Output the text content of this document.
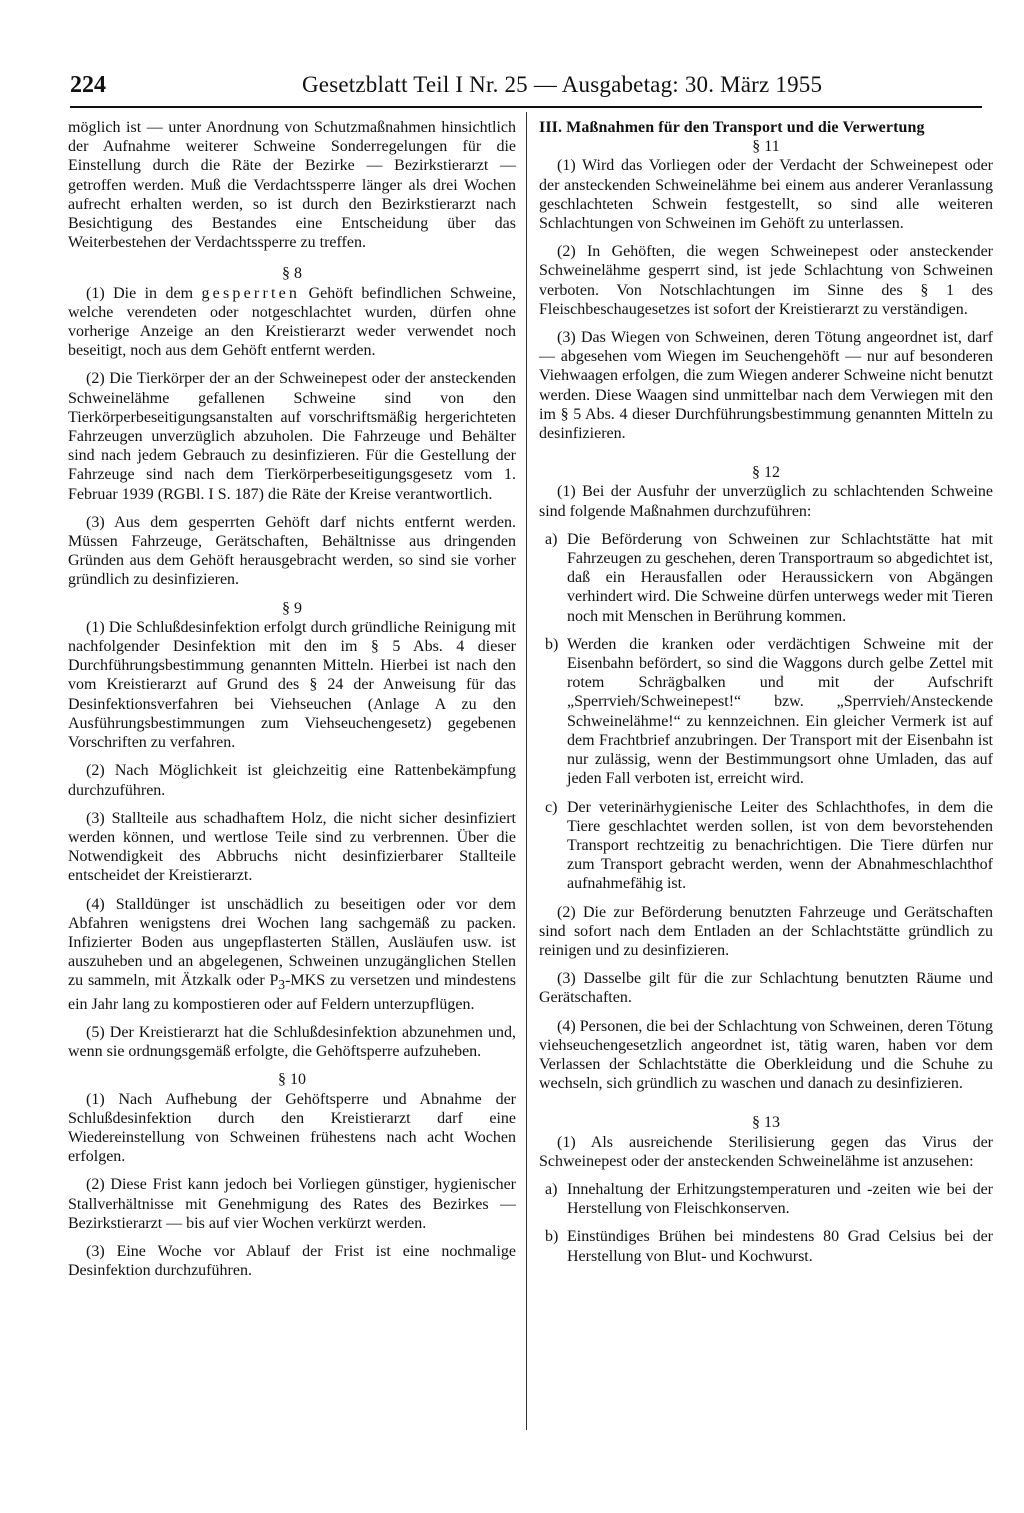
224	Gesetzblatt Teil I Nr. 25 — Ausgabetag: 30. März 1955

möglich ist — unter Anordnung von Schutzmaßnahmen hinsichtlich der Aufnahme weiterer Schweine Sonderregelungen für die Einstellung durch die Räte der Bezirke — Bezirkstierarzt — getroffen werden. Muß die Verdachtssperre länger als drei Wochen aufrecht erhalten werden, so ist durch den Bezirkstierarzt nach Besichtigung des Bestandes eine Entscheidung über das Weiterbestehen der Verdachtssperre zu treffen.

§ 8

(1) Die in dem gesperrten Gehöft befindlichen Schweine, welche verendeten oder notgeschlachtet wurden, dürfen ohne vorherige Anzeige an den Kreistierarzt weder verwendet noch beseitigt, noch aus dem Gehöft entfernt werden.

(2) Die Tierkörper der an der Schweinepest oder der ansteckenden Schweinelähme gefallenen Schweine sind von den Tierkörperbeseitigungsanstalten auf vorschriftsmäßig hergerichteten Fahrzeugen unverzüglich abzuholen. Die Fahrzeuge und Behälter sind nach jedem Gebrauch zu desinfizieren. Für die Gestellung der Fahrzeuge sind nach dem Tierkörperbeseitigungsgesetz vom 1. Februar 1939 (RGBl. I S. 187) die Räte der Kreise verantwortlich.

(3) Aus dem gesperrten Gehöft darf nichts entfernt werden. Müssen Fahrzeuge, Gerätschaften, Behältnisse aus dringenden Gründen aus dem Gehöft herausgebracht werden, so sind sie vorher gründlich zu desinfizieren.

§ 9

(1) Die Schlußdesinfektion erfolgt durch gründliche Reinigung mit nachfolgender Desinfektion mit den im § 5 Abs. 4 dieser Durchführungsbestimmung genannten Mitteln. Hierbei ist nach den vom Kreistierarzt auf Grund des § 24 der Anweisung für das Desinfektionsverfahren bei Viehseuchen (Anlage A zu den Ausführungsbestimmungen zum Viehseuchengesetz) gegebenen Vorschriften zu verfahren.

(2) Nach Möglichkeit ist gleichzeitig eine Rattenbekämpfung durchzuführen.

(3) Stallteile aus schadhaftem Holz, die nicht sicher desinfiziert werden können, und wertlose Teile sind zu verbrennen. Über die Notwendigkeit des Abbruchs nicht desinfizierbarer Stallteile entscheidet der Kreistierarzt.

(4) Stalldünger ist unschädlich zu beseitigen oder vor dem Abfahren wenigstens drei Wochen lang sachgemäß zu packen. Infizierter Boden aus ungepflasterten Ställen, Ausläufen usw. ist auszuheben und an abgelegenen, Schweinen unzugänglichen Stellen zu sammeln, mit Ätzkalk oder $P_3$-MKS zu versetzen und mindestens ein Jahr lang zu kompostieren oder auf Feldern unterzupflügen.

(5) Der Kreistierarzt hat die Schlußdesinfektion abzunehmen und, wenn sie ordnungsgemäß erfolgte, die Gehöftsperre aufzuheben.

§ 10

(1) Nach Aufhebung der Gehöftsperre und Abnahme der Schlußdesinfektion durch den Kreistierarzt darf eine Wiedereinstellung von Schweinen frühestens nach acht Wochen erfolgen.

(2) Diese Frist kann jedoch bei Vorliegen günstiger, hygienischer Stallverhältnisse mit Genehmigung des Rates des Bezirkes — Bezirkstierarzt — bis auf vier Wochen verkürzt werden.

(3) Eine Woche vor Ablauf der Frist ist eine nochmalige Desinfektion durchzuführen.

III. Maßnahmen für den Transport und die Verwertung
§ 11

(1) Wird das Vorliegen oder der Verdacht der Schweinepest oder der ansteckenden Schweinelähme bei einem aus anderer Veranlassung geschlachteten Schwein festgestellt, so sind alle weiteren Schlachtungen von Schweinen im Gehöft zu unterlassen.

(2) In Gehöften, die wegen Schweinepest oder ansteckender Schweinelähme gesperrt sind, ist jede Schlachtung von Schweinen verboten. Von Notschlachtungen im Sinne des § 1 des Fleischbeschaugesetzes ist sofort der Kreistierarzt zu verständigen.

(3) Das Wiegen von Schweinen, deren Tötung angeordnet ist, darf — abgesehen vom Wiegen im Seuchengehöft — nur auf besonderen Viehwaagen erfolgen, die zum Wiegen anderer Schweine nicht benutzt werden. Diese Waagen sind unmittelbar nach dem Verwiegen mit den im § 5 Abs. 4 dieser Durchführungsbestimmung genannten Mitteln zu desinfizieren.

§ 12

(1) Bei der Ausfuhr der unverzüglich zu schlachtenden Schweine sind folgende Maßnahmen durchzuführen:

a) Die Beförderung von Schweinen zur Schlachtstätte hat mit Fahrzeugen zu geschehen, deren Transportraum so abgedichtet ist, daß ein Herausfallen oder Heraussickern von Abgängen verhindert wird. Die Schweine dürfen unterwegs weder mit Tieren noch mit Menschen in Berührung kommen.
b) Werden die kranken oder verdächtigen Schweine mit der Eisenbahn befördert, so sind die Waggons durch gelbe Zettel mit rotem Schrägbalken und mit der Aufschrift „Sperrvieh/Schweinepest!“ bzw. „Sperrvieh/Ansteckende Schweinelähme!“ zu kennzeichnen. Ein gleicher Vermerk ist auf dem Frachtbrief anzubringen. Der Transport mit der Eisenbahn ist nur zulässig, wenn der Bestimmungsort ohne Umladen, das auf jeden Fall verboten ist, erreicht wird.
c) Der veterinärhygienische Leiter des Schlachthofes, in dem die Tiere geschlachtet werden sollen, ist von dem bevorstehenden Transport rechtzeitig zu benachrichtigen. Die Tiere dürfen nur zum Transport gebracht werden, wenn der Abnahmeschlachthof aufnahmefähig ist.

(2) Die zur Beförderung benutzten Fahrzeuge und Gerätschaften sind sofort nach dem Entladen an der Schlachtstätte gründlich zu reinigen und zu desinfizieren.

(3) Dasselbe gilt für die zur Schlachtung benutzten Räume und Gerätschaften.

(4) Personen, die bei der Schlachtung von Schweinen, deren Tötung viehseuchengesetzlich angeordnet ist, tätig waren, haben vor dem Verlassen der Schlachtstätte die Oberkleidung und die Schuhe zu wechseln, sich gründlich zu waschen und danach zu desinfizieren.

§ 13

(1) Als ausreichende Sterilisierung gegen das Virus der Schweinepest oder der ansteckenden Schweinelähme ist anzusehen:

a) Innehaltung der Erhitzungstemperaturen und -zeiten wie bei der Herstellung von Fleischkonserven.
b) Einstündiges Brühen bei mindestens 80 Grad Celsius bei der Herstellung von Blut- und Kochwurst.
